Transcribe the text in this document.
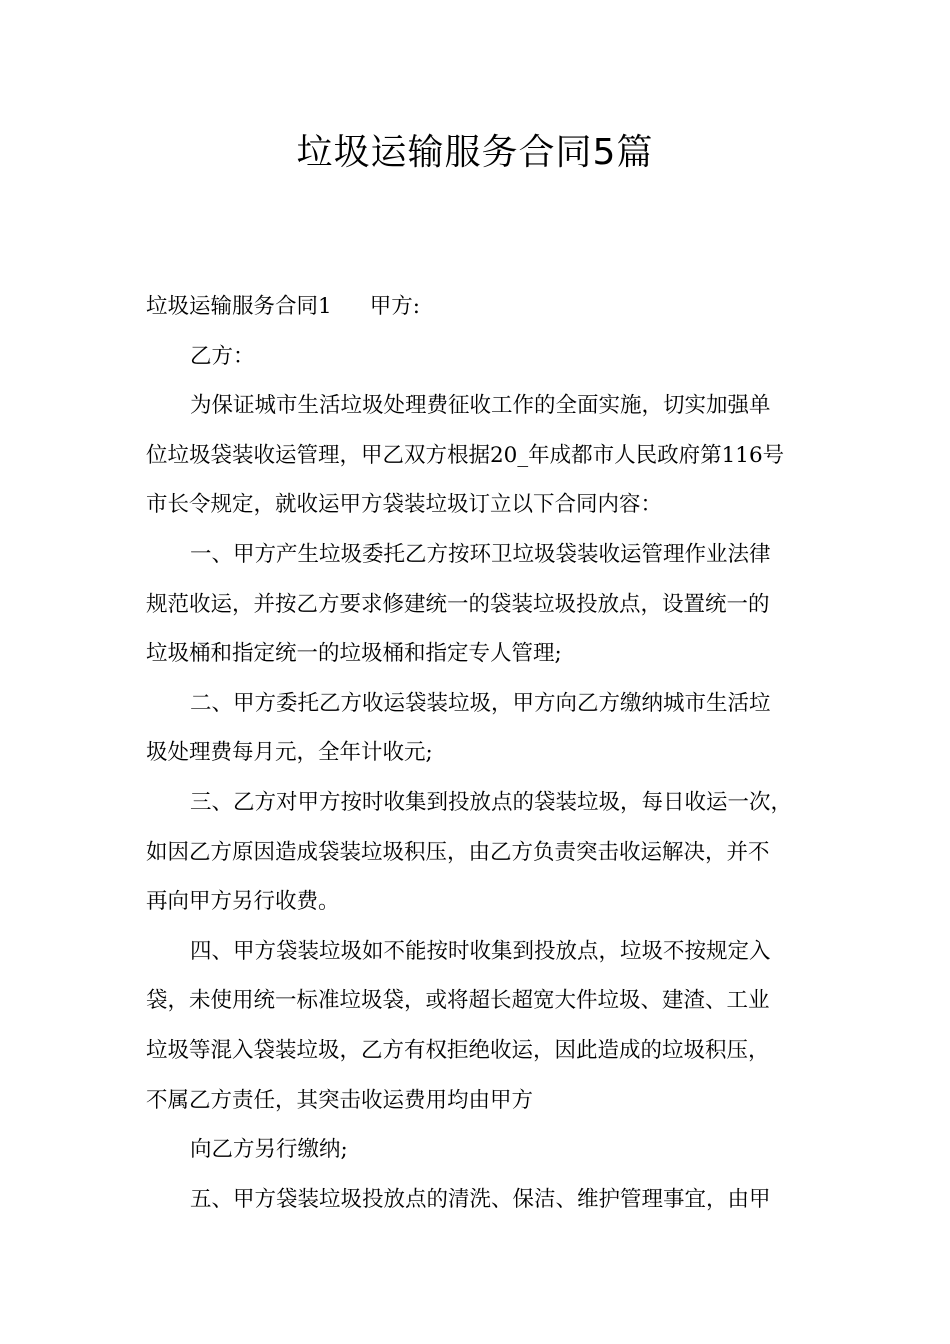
垃圾运输服务合同5篇
垃圾运输服务合同1 甲方:
乙方：
为保证城市生活垃圾处理费征收工作的全面实施，切实加强单
位垃圾袋装收运管理，甲乙双方根据20_年成都市人民政府第116号
市长令规定，就收运甲方袋装垃圾订立以下合同内容：
一、甲方产生垃圾委托乙方按环卫垃圾袋装收运管理作业法律
规范收运，并按乙方要求修建统一的袋装垃圾投放点，设置统一的
垃圾桶和指定统一的垃圾桶和指定专人管理;
二、甲方委托乙方收运袋装垃圾，甲方向乙方缴纳城市生活垃
圾处理费每月元，全年计收元;
三、乙方对甲方按时收集到投放点的袋装垃圾，每日收运一次，
如因乙方原因造成袋装垃圾积压，由乙方负责突击收运解决，并不
再向甲方另行收费。
四、甲方袋装垃圾如不能按时收集到投放点，垃圾不按规定入
袋，未使用统一标准垃圾袋，或将超长超宽大件垃圾、建渣、工业
垃圾等混入袋装垃圾，乙方有权拒绝收运，因此造成的垃圾积压，
不属乙方责任，其突击收运费用均由甲方
向乙方另行缴纳;
五、甲方袋装垃圾投放点的清洗、保洁、维护管理事宜，由甲
